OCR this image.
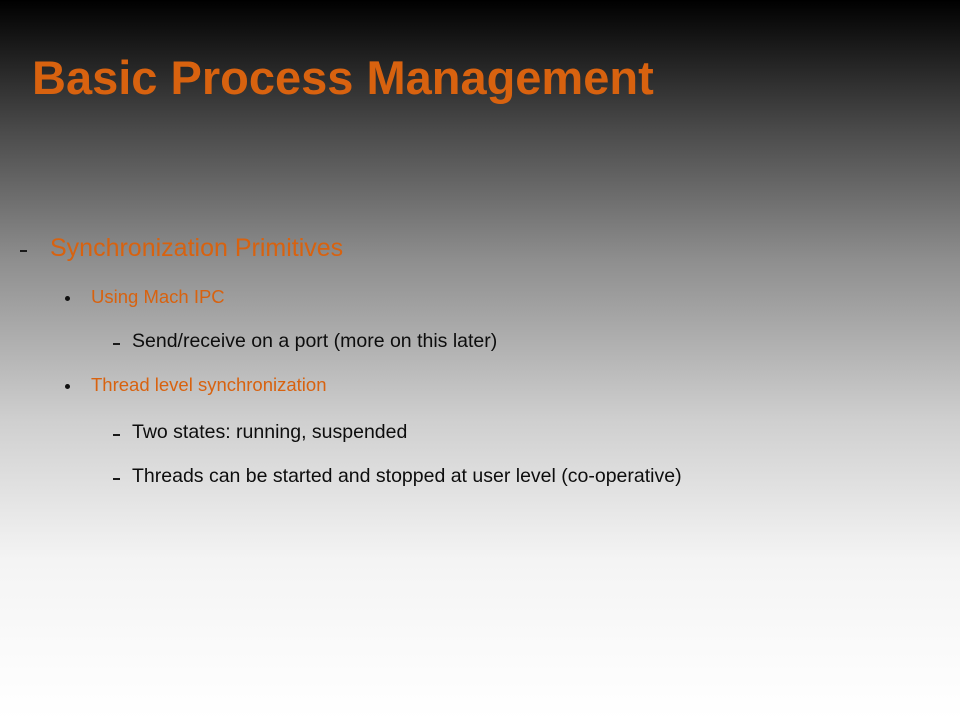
Basic Process Management
Synchronization Primitives
Using Mach IPC
Send/receive on a port (more on this later)
Thread level synchronization
Two states: running, suspended
Threads can be started and stopped at user level (co-operative)
